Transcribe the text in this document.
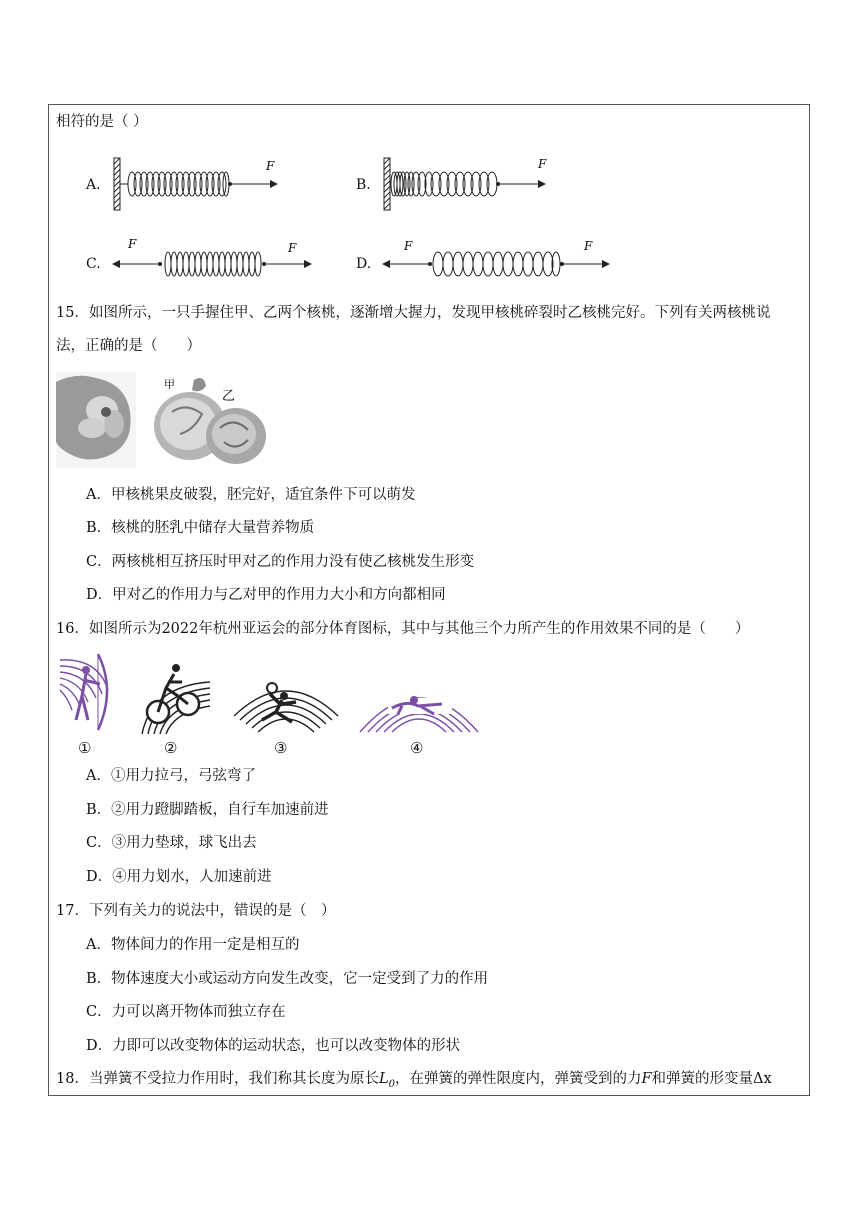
相符的是（ ）
A.
F
B.
F
C.
F	F
D.
F	F
15．如图所示，一只手握住甲、乙两个核桃，逐渐增大握力，发现甲核桃碎裂时乙核桃完好。下列有关两核桃说
法，正确的是（　　）
甲
乙
A．甲核桃果皮破裂，胚完好，适宜条件下可以萌发
B．核桃的胚乳中储存大量营养物质
C．两核桃相互挤压时甲对乙的作用力没有使乙核桃发生形变
D．甲对乙的作用力与乙对甲的作用力大小和方向都相同
16．如图所示为2022年杭州亚运会的部分体育图标，其中与其他三个力所产生的作用效果不同的是（　　）
①	②	③	④
A．①用力拉弓，弓弦弯了
B．②用力蹬脚踏板，自行车加速前进
C．③用力垫球，球飞出去
D．④用力划水，人加速前进
17．下列有关力的说法中，错误的是（　）
A．物体间力的作用一定是相互的
B．物体速度大小或运动方向发生改变，它一定受到了力的作用
C．力可以离开物体而独立存在
D．力即可以改变物体的运动状态，也可以改变物体的形状
18．当弹簧不受拉力作用时，我们称其长度为原长$L_0$，在弹簧的弹性限度内，弹簧受到的力F和弹簧的形变量Δx
